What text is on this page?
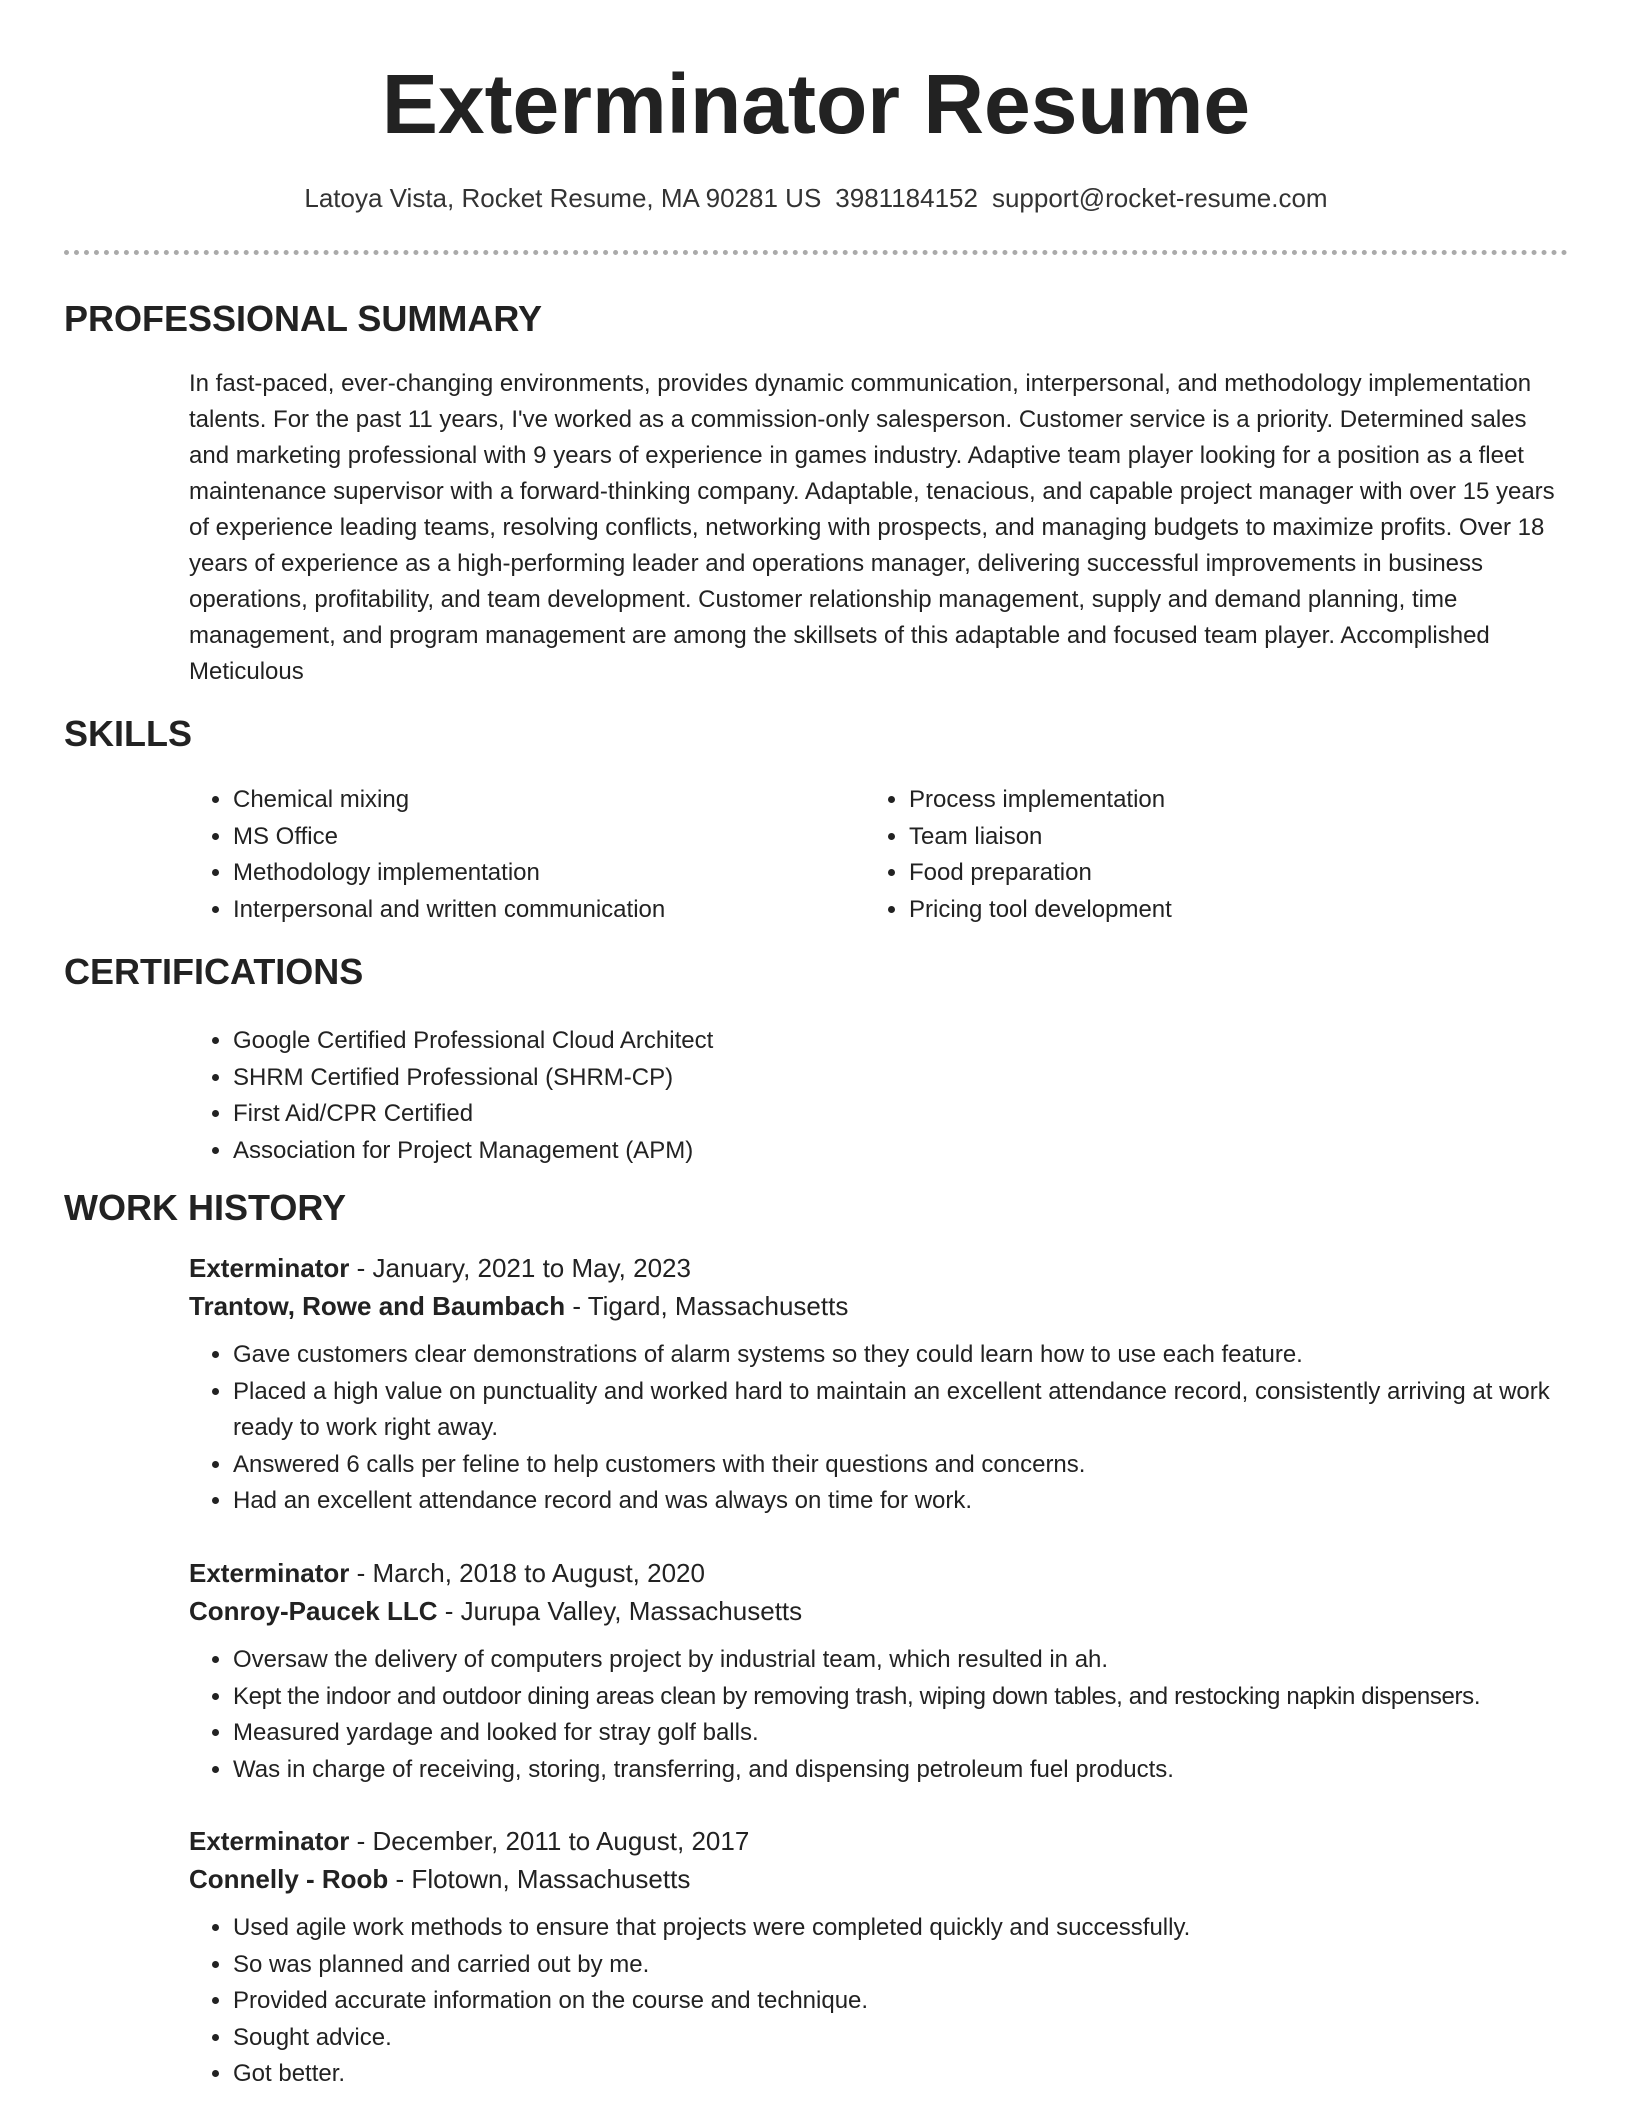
Exterminator Resume
Latoya Vista, Rocket Resume, MA 90281 US 3981184152 support@rocket-resume.com
PROFESSIONAL SUMMARY

In fast-paced, ever-changing environments, provides dynamic communication, interpersonal, and methodology implementation talents. For the past 11 years, I've worked as a commission-only salesperson. Customer service is a priority. Determined sales and marketing professional with 9 years of experience in games industry. Adaptive team player looking for a position as a fleet maintenance supervisor with a forward-thinking company. Adaptable, tenacious, and capable project manager with over 15 years of experience leading teams, resolving conflicts, networking with prospects, and managing budgets to maximize profits. Over 18 years of experience as a high-performing leader and operations manager, delivering successful improvements in business operations, profitability, and team development. Customer relationship management, supply and demand planning, time management, and program management are among the skillsets of this adaptable and focused team player. Accomplished Meticulous

SKILLS
• Chemical mixing
• MS Office
• Methodology implementation
• Interpersonal and written communication
• Process implementation
• Team liaison
• Food preparation
• Pricing tool development
CERTIFICATIONS
• Google Certified Professional Cloud Architect
• SHRM Certified Professional (SHRM-CP)
• First Aid/CPR Certified
• Association for Project Management (APM)
WORK HISTORY
Exterminator - January, 2021 to May, 2023
Trantow, Rowe and Baumbach - Tigard, Massachusetts
• Gave customers clear demonstrations of alarm systems so they could learn how to use each feature.
• Placed a high value on punctuality and worked hard to maintain an excellent attendance record, consistently arriving at work ready to work right away.
• Answered 6 calls per feline to help customers with their questions and concerns.
• Had an excellent attendance record and was always on time for work.
Exterminator - March, 2018 to August, 2020
Conroy-Paucek LLC - Jurupa Valley, Massachusetts
• Oversaw the delivery of computers project by industrial team, which resulted in ah.
• Kept the indoor and outdoor dining areas clean by removing trash, wiping down tables, and restocking napkin dispensers.
• Measured yardage and looked for stray golf balls.
• Was in charge of receiving, storing, transferring, and dispensing petroleum fuel products.
Exterminator - December, 2011 to August, 2017
Connelly - Roob - Flotown, Massachusetts
• Used agile work methods to ensure that projects were completed quickly and successfully.
• So was planned and carried out by me.
• Provided accurate information on the course and technique.
• Sought advice.
• Got better.
